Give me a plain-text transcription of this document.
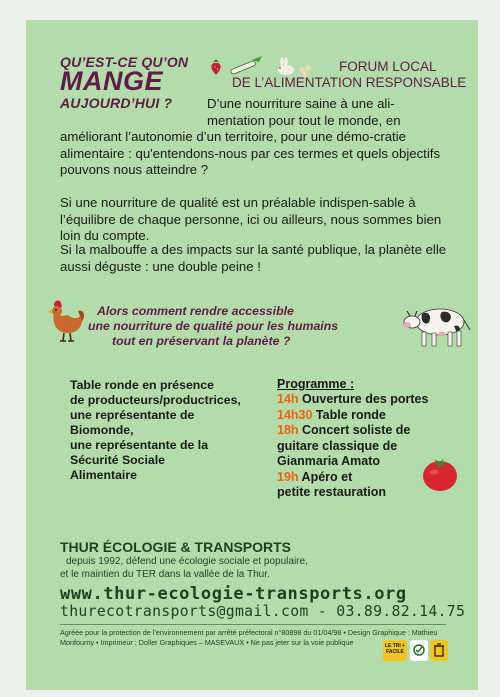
QU’EST-CE QU’ON
MANGE
AUJOURD’HUI ?
FORUM LOCAL
DE L’ALIMENTATION RESPONSABLE
D’une nourriture saine à une ali-
mentation pour tout le monde, en
améliorant l’autonomie d’un territoire, pour une démo-cratie alimentaire : qu'entendons-nous par ces termes et quels objectifs pouvons nous atteindre ?
Si une nourriture de qualité est un préalable indispen-sable à l’équilibre de chaque personne, ici ou ailleurs, nous sommes bien loin du compte.
Si la malbouffe a des impacts sur la santé publique, la planète elle aussi déguste : une double peine !
Alors comment rendre accessible
une nourriture de qualité pour les humains
tout en préservant la planète ?
Table ronde en présence
de producteurs/productrices,
une représentante de
Biomonde,
une représentante de la
Sécurité Sociale
Alimentaire
Programme :
14h Ouverture des portes
14h30 Table ronde
18h Concert soliste de
guitare classique de
Gianmaria Amato
19h Apéro et
petite restauration
THUR ÉCOLOGIE & TRANSPORTS
depuis 1992, défend une écologie sociale et populaire,
et le maintien du TER dans la vallée de la Thur.
www.thur-ecologie-transports.org
thurecotransports@gmail.com - 03.89.82.14.75
Agréée pour la protection de l’environnement par arrêté préfectoral n°80898 du 01/04/98 • Design Graphique : Mathieu
Monfourny • Imprimeur : Doller Graphiques – MASEVAUX • Ne pas jeter sur la voie publique	LE TRI + FACILE
